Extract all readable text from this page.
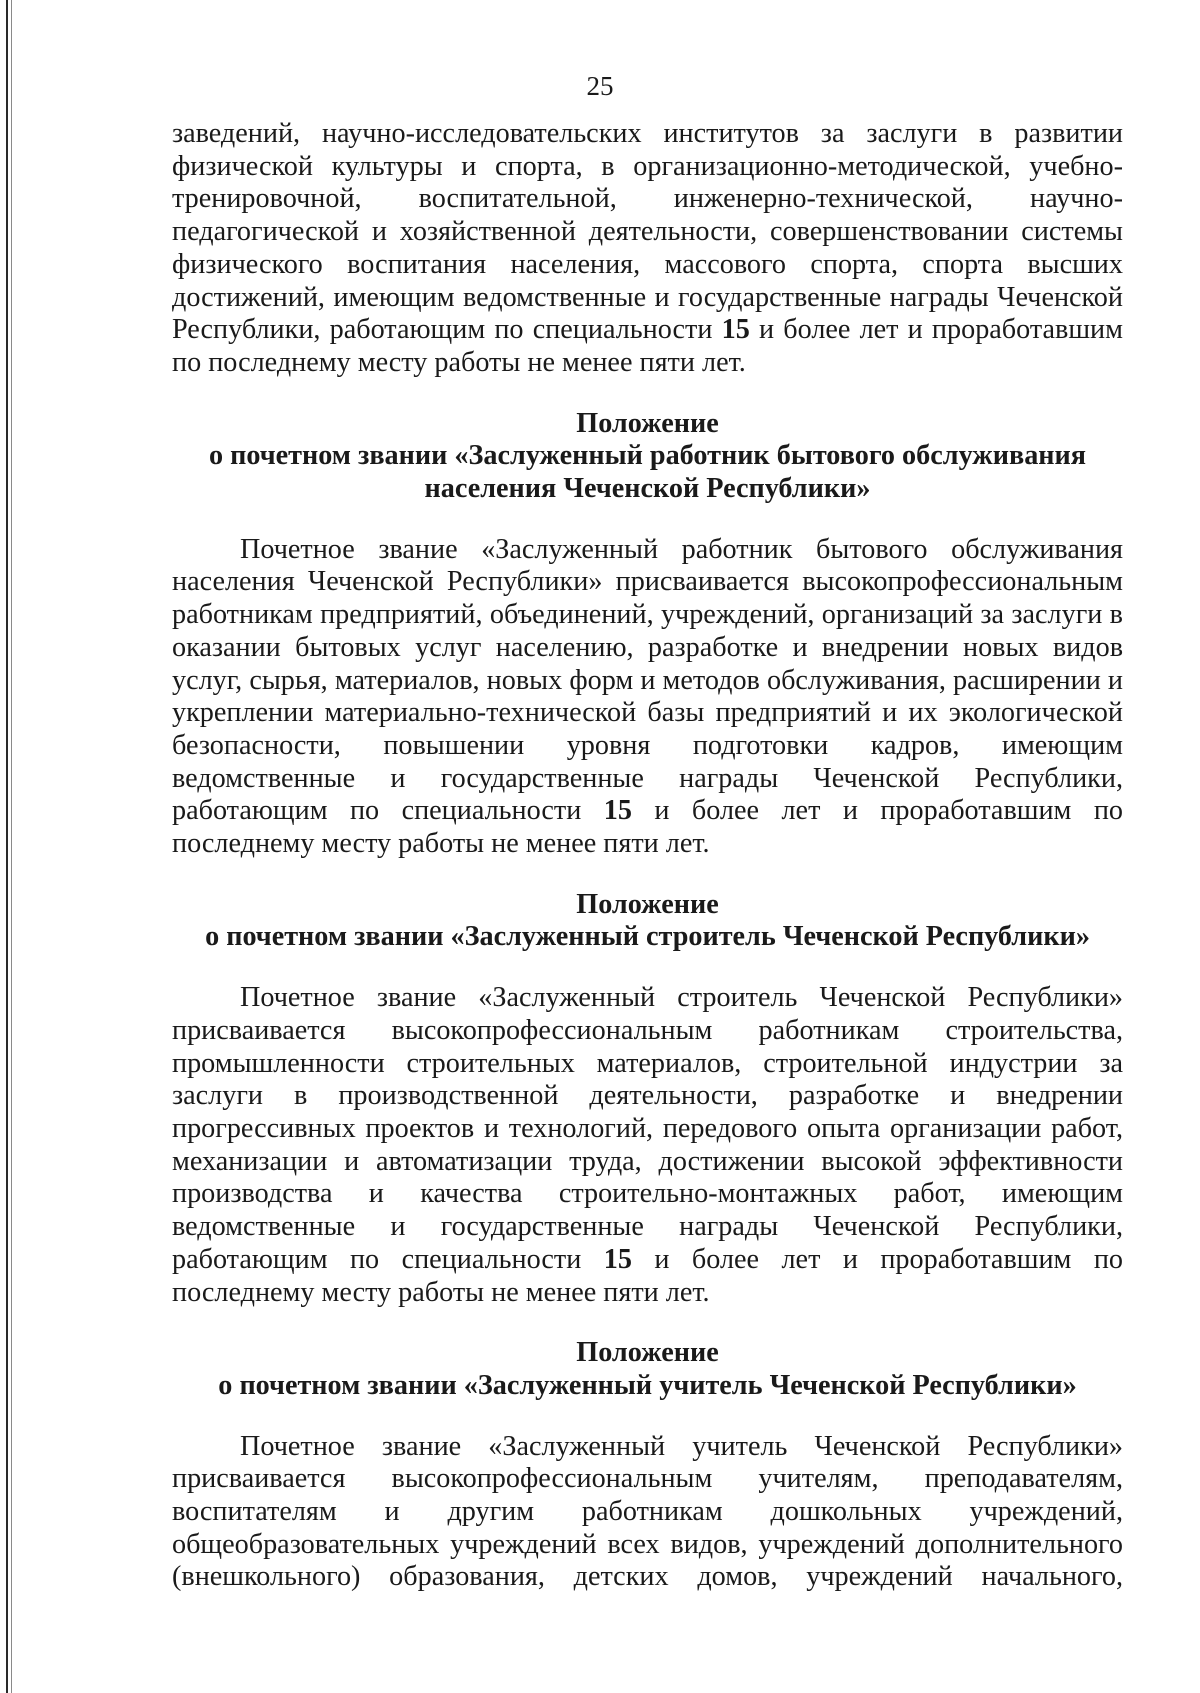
25

заведений, научно-исследовательских институтов за заслуги в развитии физической культуры и спорта, в организационно-методической, учебно-тренировочной, воспитательной, инженерно-технической, научно-педагогической и хозяйственной деятельности, совершенствовании системы физического воспитания населения, массового спорта, спорта высших достижений, имеющим ведомственные и государственные награды Чеченской Республики, работающим по специальности 15 и более лет и проработавшим по последнему месту работы не менее пяти лет.

Положение

о почетном звании «Заслуженный работник бытового обслуживания населения Чеченской Республики»

Почетное звание «Заслуженный работник бытового обслуживания населения Чеченской Республики» присваивается высокопрофессиональным работникам предприятий, объединений, учреждений, организаций за заслуги в оказании бытовых услуг населению, разработке и внедрении новых видов услуг, сырья, материалов, новых форм и методов обслуживания, расширении и укреплении материально-технической базы предприятий и их экологической безопасности, повышении уровня подготовки кадров, имеющим ведомственные и государственные награды Чеченской Республики, работающим по специальности 15 и более лет и проработавшим по последнему месту работы не менее пяти лет.

Положение

о почетном звании «Заслуженный строитель Чеченской Республики»

Почетное звание «Заслуженный строитель Чеченской Республики» присваивается высокопрофессиональным работникам строительства, промышленности строительных материалов, строительной индустрии за заслуги в производственной деятельности, разработке и внедрении прогрессивных проектов и технологий, передового опыта организации работ, механизации и автоматизации труда, достижении высокой эффективности производства и качества строительно-монтажных работ, имеющим ведомственные и государственные награды Чеченской Республики, работающим по специальности 15 и более лет и проработавшим по последнему месту работы не менее пяти лет.

Положение

о почетном звании «Заслуженный учитель Чеченской Республики»

Почетное звание «Заслуженный учитель Чеченской Республики» присваивается высокопрофессиональным учителям, преподавателям, воспитателям и другим работникам дошкольных учреждений, общеобразовательных учреждений всех видов, учреждений дополнительного (внешкольного) образования, детских домов, учреждений начального,
